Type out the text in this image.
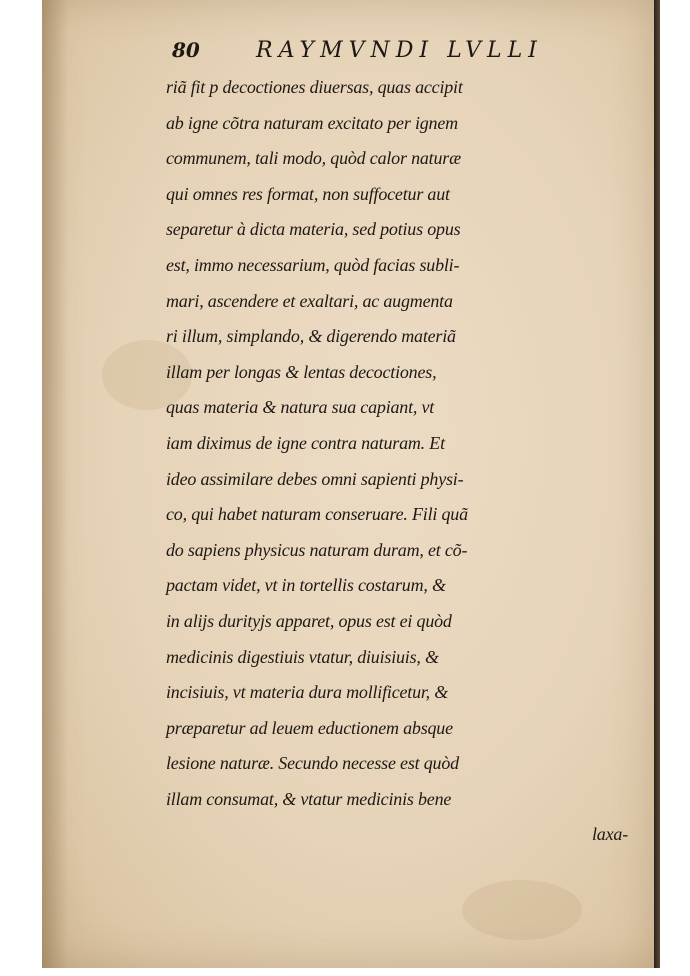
80	RAYMVNDI LVLLI
riã fit p decoctiones diuersas, quas accipit
ab igne cõtra naturam excitato per ignem
communem, tali modo, quòd calor naturæ
qui omnes res format, non suffocetur aut
separetur à dicta materia, sed potius opus
est, immo necessarium, quòd facias subli-
mari, ascendere et exaltari, ac augmenta
ri illum, simplando, & digerendo materiã
illam per longas & lentas decoctiones,
quas materia & natura sua capiant, vt
iam diximus de igne contra naturam. Et
ideo assimilare debes omni sapienti physi-
co, qui habet naturam conseruare. Fili quã
do sapiens physicus naturam duram, et cõ-
pactam videt, vt in tortellis costarum, &
in alijs durityjs apparet, opus est ei quòd
medicinis digestiuis vtatur, diuisiuis, &
incisiuis, vt materia dura mollificetur, &
præparetur ad leuem eductionem absque
lesione naturæ. Secundo necesse est quòd
illam consumat, & vtatur medicinis bene
laxa-
